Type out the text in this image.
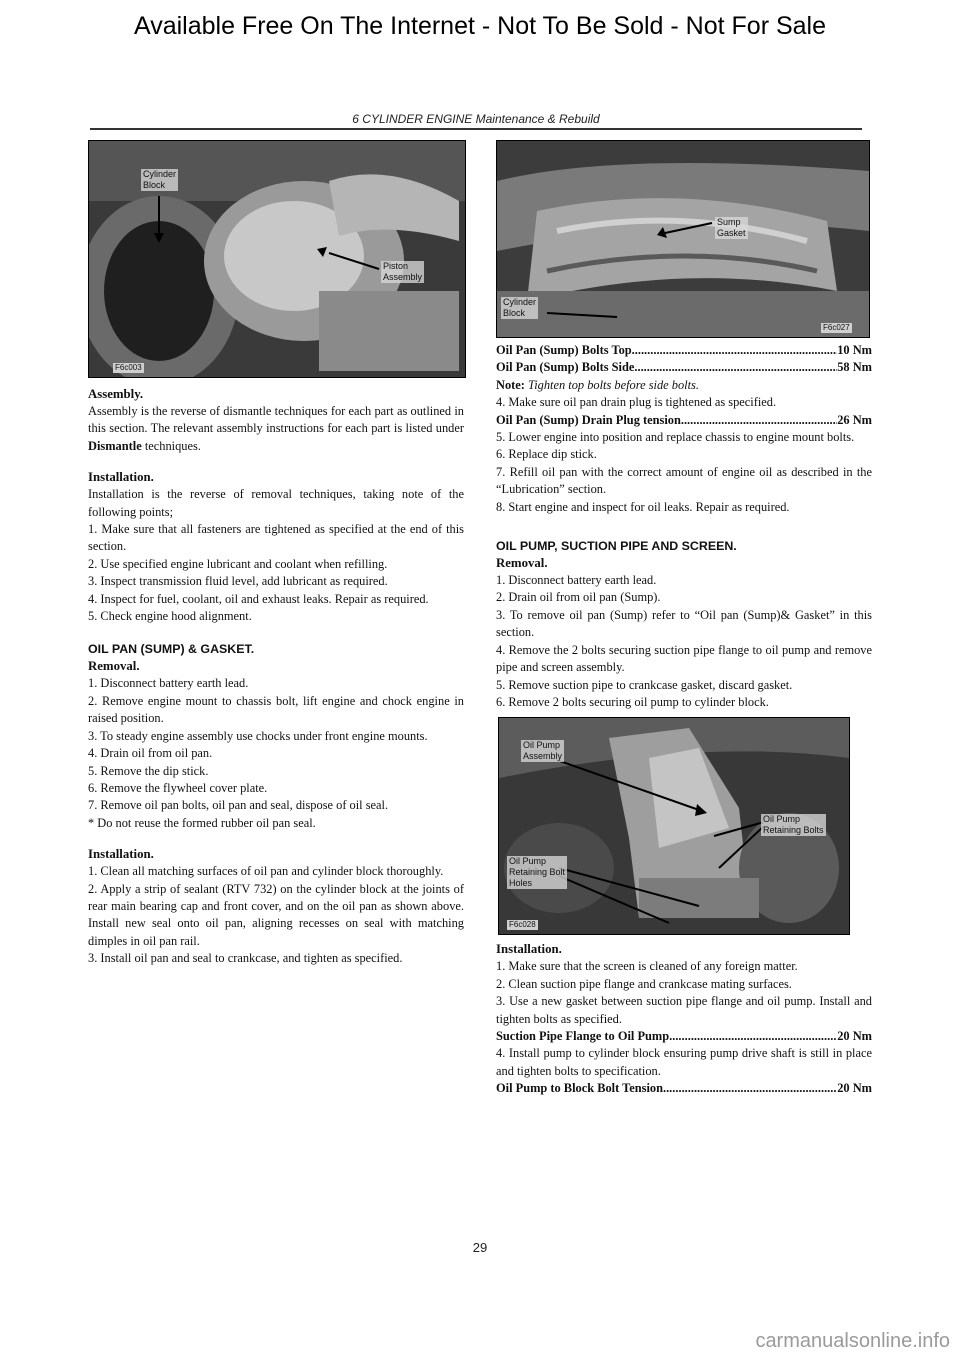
Available Free On The Internet - Not To Be Sold - Not For Sale
6 CYLINDER ENGINE Maintenance & Rebuild
Cylinder
Block
Piston
Assembly
F6c003
Assembly.

Assembly is the reverse of dismantle techniques for each part as outlined in this section. The relevant assembly instructions for each part is listed under Dismantle techniques.

Installation.

Installation is the reverse of removal techniques, taking note of the following points;

1. Make sure that all fasteners are tightened as specified at the end of this section.

2. Use specified engine lubricant and coolant when refilling.

3. Inspect transmission fluid level, add lubricant as required.

4. Inspect for fuel, coolant, oil and exhaust leaks. Repair as required.

5. Check engine hood alignment.

OIL PAN (SUMP) & GASKET.
Removal.

1. Disconnect battery earth lead.

2. Remove engine mount to chassis bolt, lift engine and chock engine in raised position.

3. To steady engine assembly use chocks under front engine mounts.

4. Drain oil from oil pan.

5. Remove the dip stick.

6. Remove the flywheel cover plate.

7. Remove oil pan bolts, oil pan and seal, dispose of oil seal.

* Do not reuse the formed rubber oil pan seal.

Installation.

1. Clean all matching surfaces of oil pan and cylinder block thoroughly.

2. Apply a strip of sealant (RTV 732) on the cylinder block at the joints of rear main bearing cap and front cover, and on the oil pan as shown above. Install new seal onto oil pan, aligning recesses on seal with matching dimples in oil pan rail.

3. Install oil pan and seal to crankcase, and tighten as specified.

Sump
Gasket
Cylinder
Block
F6c027
Oil Pan (Sump) Bolts Top .....	10 Nm
Oil Pan (Sump) Bolts Side .....	58 Nm

Note: Tighten top bolts before side bolts.

4. Make sure oil pan drain plug is tightened as specified.

Oil Pan (Sump) Drain Plug tension .....	26 Nm

5. Lower engine into position and replace chassis to engine mount bolts.

6. Replace dip stick.

7. Refill oil pan with the correct amount of engine oil as described in the “Lubrication” section.

8. Start engine and inspect for oil leaks. Repair as required.

OIL PUMP, SUCTION PIPE AND SCREEN.
Removal.

1. Disconnect battery earth lead.

2. Drain oil from oil pan (Sump).

3. To remove oil pan (Sump) refer to “Oil pan (Sump)& Gasket” in this section.

4. Remove the 2 bolts securing suction pipe flange to oil pump and remove pipe and screen assembly.

5. Remove suction pipe to crankcase gasket, discard gasket.

6. Remove 2 bolts securing oil pump to cylinder block.

Oil Pump
Assembly
Oil Pump
Retaining Bolts
Oil Pump
Retaining Bolt
Holes
F6c028
Installation.

1. Make sure that the screen is cleaned of any foreign matter.

2. Clean suction pipe flange and crankcase mating surfaces.

3. Use a new gasket between suction pipe flange and oil pump. Install and tighten bolts as specified.

Suction Pipe Flange to Oil Pump .....	20 Nm

4. Install pump to cylinder block ensuring pump drive shaft is still in place and tighten bolts to specification.

Oil Pump to Block Bolt Tension .....	20 Nm
29
carmanualsonline.info
